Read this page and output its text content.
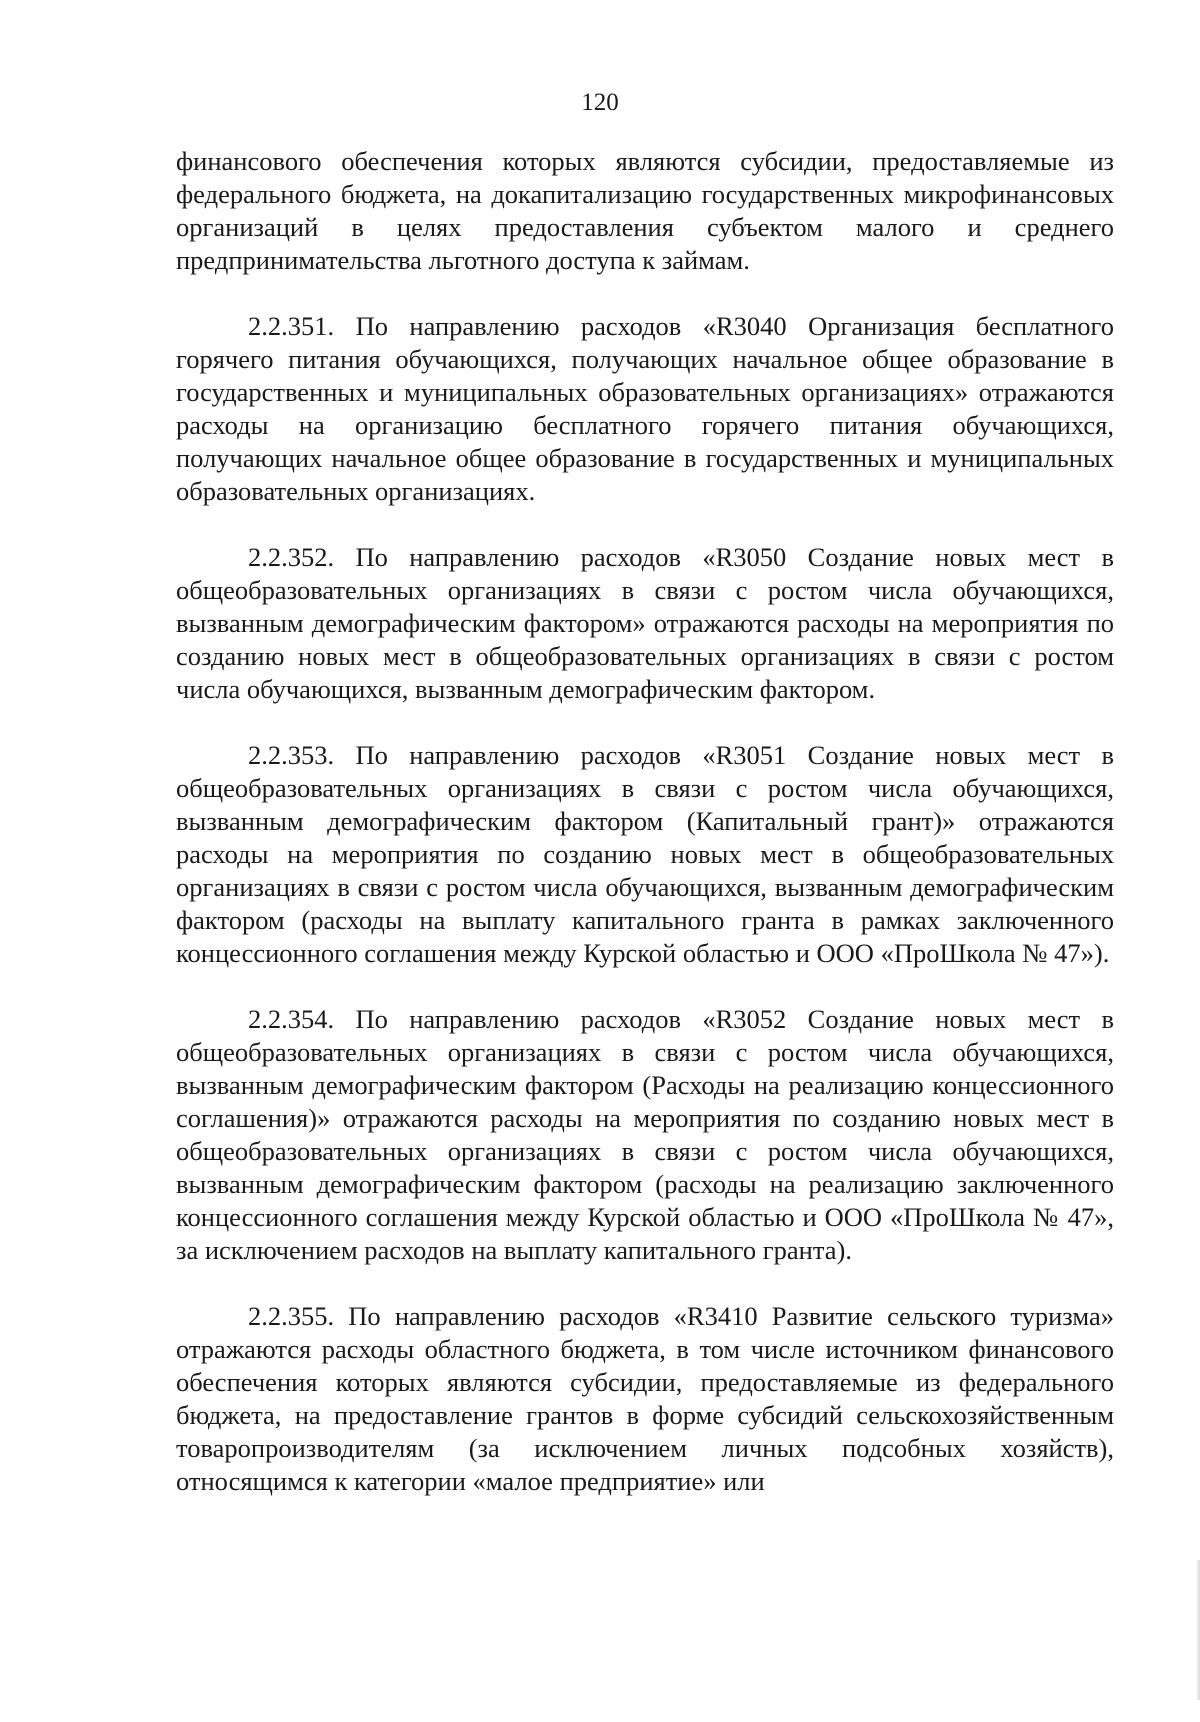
120

финансового обеспечения которых являются субсидии, предоставляемые из федерального бюджета, на докапитализацию государственных микрофинансовых организаций в целях предоставления субъектом малого и среднего предпринимательства льготного доступа к займам.

2.2.351. По направлению расходов «R3040 Организация бесплатного горячего питания обучающихся, получающих начальное общее образование в государственных и муниципальных образовательных организациях» отражаются расходы на организацию бесплатного горячего питания обучающихся, получающих начальное общее образование в государственных и муниципальных образовательных организациях.

2.2.352. По направлению расходов «R3050 Создание новых мест в общеобразовательных организациях в связи с ростом числа обучающихся, вызванным демографическим фактором» отражаются расходы на мероприятия по созданию новых мест в общеобразовательных организациях в связи с ростом числа обучающихся, вызванным демографическим фактором.

2.2.353. По направлению расходов «R3051 Создание новых мест в общеобразовательных организациях в связи с ростом числа обучающихся, вызванным демографическим фактором (Капитальный грант)» отражаются расходы на мероприятия по созданию новых мест в общеобразовательных организациях в связи с ростом числа обучающихся, вызванным демографическим фактором (расходы на выплату капитального гранта в рамках заключенного концессионного соглашения между Курской областью и ООО «ПроШкола № 47»).

2.2.354. По направлению расходов «R3052 Создание новых мест в общеобразовательных организациях в связи с ростом числа обучающихся, вызванным демографическим фактором (Расходы на реализацию концессионного соглашения)» отражаются расходы на мероприятия по созданию новых мест в общеобразовательных организациях в связи с ростом числа обучающихся, вызванным демографическим фактором (расходы на реализацию заключенного концессионного соглашения между Курской областью и ООО «ПроШкола № 47», за исключением расходов на выплату капитального гранта).

2.2.355. По направлению расходов «R3410 Развитие сельского туризма» отражаются расходы областного бюджета, в том числе источником финансового обеспечения которых являются субсидии, предоставляемые из федерального бюджета, на предоставление грантов в форме субсидий сельскохозяйственным товаропроизводителям (за исключением личных подсобных хозяйств), относящимся к категории «малое предприятие» или
